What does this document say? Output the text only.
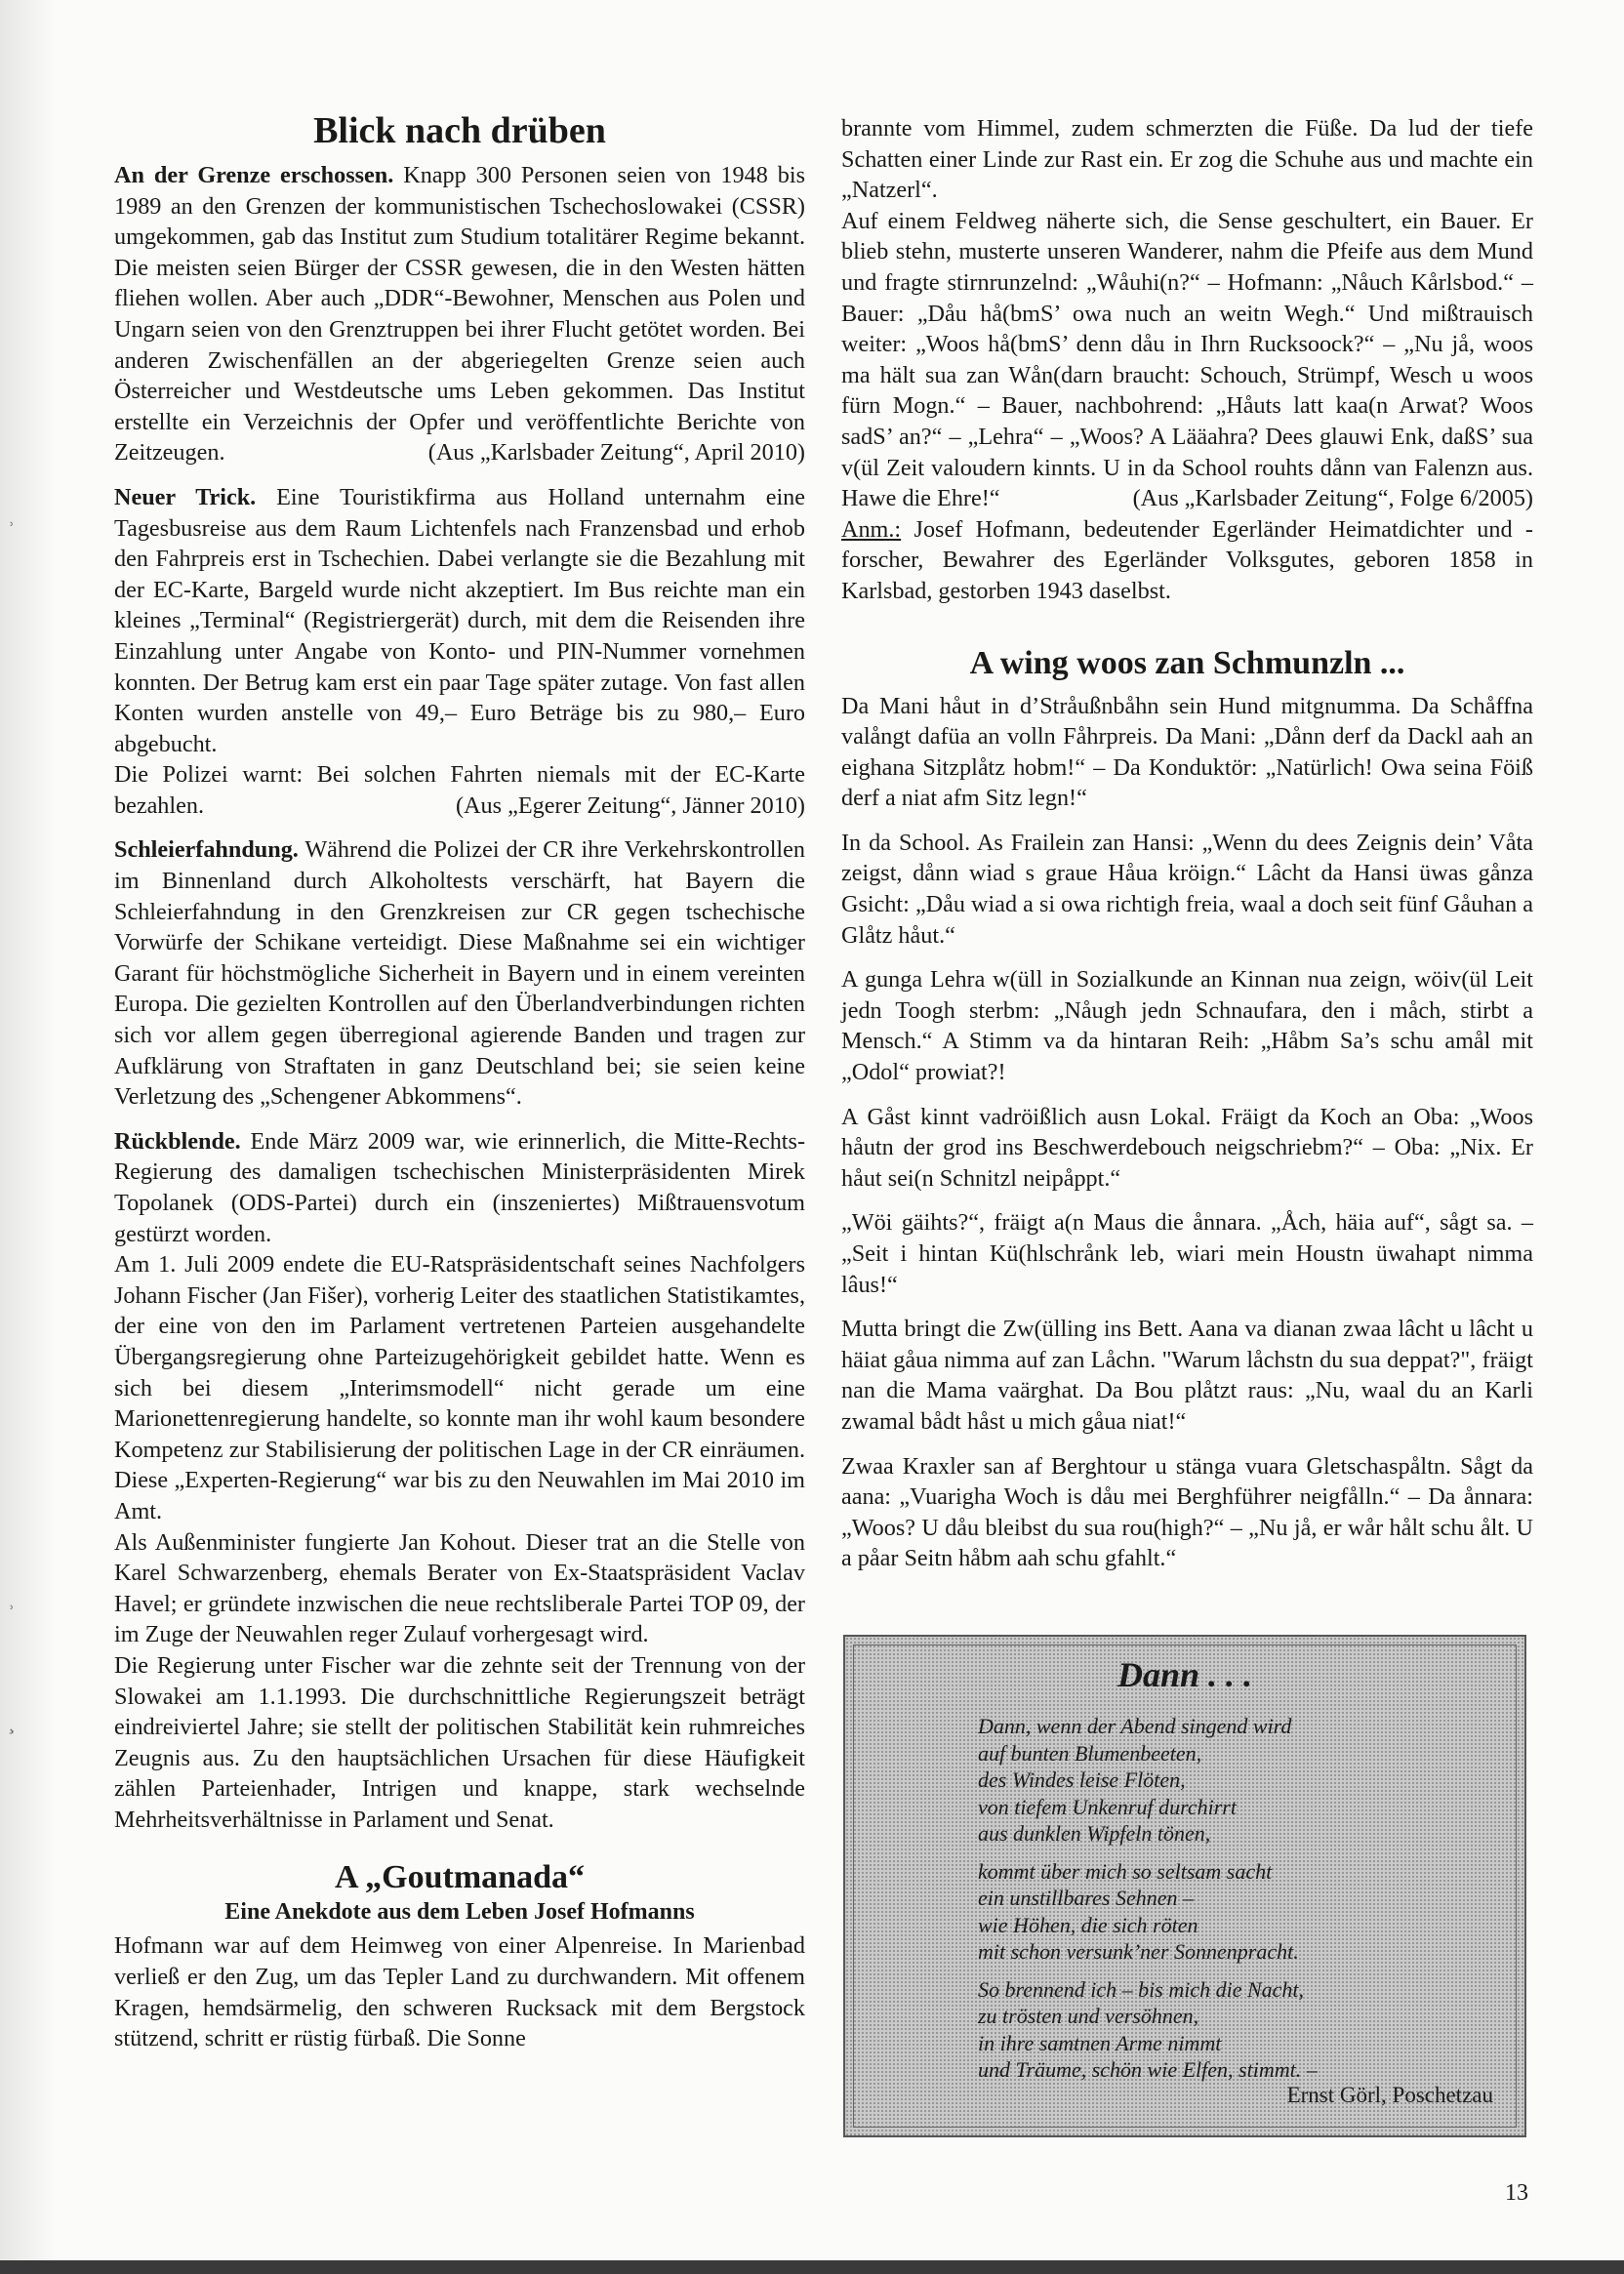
˒
˒
¸
Blick nach drüben

An der Grenze erschossen. Knapp 300 Personen seien von 1948 bis 1989 an den Grenzen der kommunistischen Tschechoslowakei (CSSR) umgekommen, gab das Institut zum Studium totalitärer Regime bekannt. Die meisten seien Bürger der CSSR gewesen, die in den Westen hätten fliehen wollen. Aber auch „DDR“-Bewohner, Menschen aus Polen und Ungarn seien von den Grenztruppen bei ihrer Flucht getötet worden. Bei anderen Zwischenfällen an der abgeriegelten Grenze seien auch Österreicher und Westdeutsche ums Leben gekommen. Das Institut erstellte ein Verzeichnis der Opfer und veröffentlichte Berichte von Zeitzeugen.	(Aus „Karlsbader Zeitung“, April 2010)

Neuer Trick. Eine Touristikfirma aus Holland unternahm eine Tagesbusreise aus dem Raum Lichtenfels nach Franzensbad und erhob den Fahrpreis erst in Tschechien. Dabei verlangte sie die Bezahlung mit der EC-Karte, Bargeld wurde nicht akzeptiert. Im Bus reichte man ein kleines „Terminal“ (Registriergerät) durch, mit dem die Reisenden ihre Einzahlung unter Angabe von Konto- und PIN-Nummer vornehmen konnten. Der Betrug kam erst ein paar Tage später zutage. Von fast allen Konten wurden anstelle von 49,– Euro Beträge bis zu 980,– Euro abgebucht.

Die Polizei warnt: Bei solchen Fahrten niemals mit der EC-Karte bezahlen.	(Aus „Egerer Zeitung“, Jänner 2010)

Schleierfahndung. Während die Polizei der CR ihre Verkehrskontrollen im Binnenland durch Alkoholtests verschärft, hat Bayern die Schleierfahndung in den Grenzkreisen zur CR gegen tschechische Vorwürfe der Schikane verteidigt. Diese Maßnahme sei ein wichtiger Garant für höchstmögliche Sicherheit in Bayern und in einem vereinten Europa. Die gezielten Kontrollen auf den Überlandverbindungen richten sich vor allem gegen überregional agierende Banden und tragen zur Aufklärung von Straftaten in ganz Deutschland bei; sie seien keine Verletzung des „Schengener Abkommens“.

Rückblende. Ende März 2009 war, wie erinnerlich, die Mitte-Rechts-Regierung des damaligen tschechischen Ministerpräsidenten Mirek Topolanek (ODS-Partei) durch ein (inszeniertes) Mißtrauensvotum gestürzt worden.

Am 1. Juli 2009 endete die EU-Ratspräsidentschaft seines Nachfolgers Johann Fischer (Jan Fišer), vorherig Leiter des staatlichen Statistikamtes, der eine von den im Parlament vertretenen Parteien ausgehandelte Übergangsregierung ohne Parteizugehörigkeit gebildet hatte. Wenn es sich bei diesem „Interimsmodell“ nicht gerade um eine Marionettenregierung handelte, so konnte man ihr wohl kaum besondere Kompetenz zur Stabilisierung der politischen Lage in der CR einräumen. Diese „Experten-Regierung“ war bis zu den Neuwahlen im Mai 2010 im Amt.

Als Außenminister fungierte Jan Kohout. Dieser trat an die Stelle von Karel Schwarzenberg, ehemals Berater von Ex-Staatspräsident Vaclav Havel; er gründete inzwischen die neue rechtsliberale Partei TOP 09, der im Zuge der Neuwahlen reger Zulauf vorhergesagt wird.

Die Regierung unter Fischer war die zehnte seit der Trennung von der Slowakei am 1.1.1993. Die durchschnittliche Regierungszeit beträgt eindreiviertel Jahre; sie stellt der politischen Stabilität kein ruhmreiches Zeugnis aus. Zu den hauptsächlichen Ursachen für diese Häufigkeit zählen Parteienhader, Intrigen und knappe, stark wechselnde Mehrheitsverhältnisse in Parlament und Senat.

A „Goutmanada“
Eine Anekdote aus dem Leben Josef Hofmanns

Hofmann war auf dem Heimweg von einer Alpenreise. In Marienbad verließ er den Zug, um das Tepler Land zu durchwandern. Mit offenem Kragen, hemdsärmelig, den schweren Rucksack mit dem Bergstock stützend, schritt er rüstig fürbaß. Die Sonne

brannte vom Himmel, zudem schmerzten die Füße. Da lud der tiefe Schatten einer Linde zur Rast ein. Er zog die Schuhe aus und machte ein „Natzerl“.

Auf einem Feldweg näherte sich, die Sense geschultert, ein Bauer. Er blieb stehn, musterte unseren Wanderer, nahm die Pfeife aus dem Mund und fragte stirnrunzelnd: „Wåuhi(n?“ – Hofmann: „Nåuch Kårlsbod.“ – Bauer: „Dåu hå(bmS’ owa nuch an weitn Wegh.“ Und mißtrauisch weiter: „Woos hå(bmS’ denn dåu in Ihrn Rucksoock?“ – „Nu jå, woos ma hält sua zan Wån(darn braucht: Schouch, Strümpf, Wesch u woos fürn Mogn.“ – Bauer, nachbohrend: „Håuts latt kaa(n Arwat? Woos sadS’ an?“ – „Lehra“ – „Woos? A Lääahra? Dees glauwi Enk, daßS’ sua v(ül Zeit valoudern kinnts. U in da School rouhts dånn van Falenzn aus. Hawe die Ehre!“	(Aus „Karlsbader Zeitung“, Folge 6/2005)

Anm.: Josef Hofmann, bedeutender Egerländer Heimatdichter und -forscher, Bewahrer des Egerländer Volksgutes, geboren 1858 in Karlsbad, gestorben 1943 daselbst.

A wing woos zan Schmunzln ...

Da Mani håut in d’Stråußnbåhn sein Hund mitgnumma. Da Schåffna valångt dafüa an volln Fåhrpreis. Da Mani: „Dånn derf da Dackl aah an eighana Sitzplåtz hobm!“ – Da Konduktör: „Natürlich! Owa seina Föiß derf a niat afm Sitz legn!“

In da School. As Frailein zan Hansi: „Wenn du dees Zeignis dein’ Våta zeigst, dånn wiad s graue Håua kröign.“ Lâcht da Hansi üwas gånza Gsicht: „Dåu wiad a si owa richtigh freia, waal a doch seit fünf Gåuhan a Glåtz håut.“

A gunga Lehra w(üll in Sozialkunde an Kinnan nua zeign, wöiv(ül Leit jedn Toogh sterbm: „Nåugh jedn Schnaufara, den i måch, stirbt a Mensch.“ A Stimm va da hintaran Reih: „Håbm Sa’s schu amål mit „Odol“ prowiat?!

A Gåst kinnt vadröißlich ausn Lokal. Fräigt da Koch an Oba: „Woos håutn der grod ins Beschwerdebouch neigschriebm?“ – Oba: „Nix. Er håut sei(n Schnitzl neipåppt.“

„Wöi gäihts?“, fräigt a(n Maus die ånnara. „Åch, häia auf“, sågt sa. – „Seit i hintan Kü(hlschrånk leb, wiari mein Houstn üwahapt nimma lâus!“

Mutta bringt die Zw(ülling ins Bett. Aana va dianan zwaa lâcht u lâcht u häiat gåua nimma auf zan Låchn. "Warum låchstn du sua deppat?", fräigt nan die Mama vaärghat. Da Bou plåtzt raus: „Nu, waal du an Karli zwamal bådt håst u mich gåua niat!“

Zwaa Kraxler san af Berghtour u stänga vuara Gletschaspåltn. Sågt da aana: „Vuarigha Woch is dåu mei Berghführer neigfålln.“ – Da ånnara: „Woos? U dåu bleibst du sua rou(high?“ – „Nu jå, er wår hålt schu ålt. U a påar Seitn håbm aah schu gfahlt.“

Dann . . .
Dann, wenn der Abend singend wird
auf bunten Blumenbeeten,
des Windes leise Flöten,
von tiefem Unkenruf durchirrt
aus dunklen Wipfeln tönen,
kommt über mich so seltsam sacht
ein unstillbares Sehnen –
wie Höhen, die sich röten
mit schon versunk’ner Sonnenpracht.
So brennend ich – bis mich die Nacht,
zu trösten und versöhnen,
in ihre samtnen Arme nimmt
und Träume, schön wie Elfen, stimmt. –
Ernst Görl, Poschetzau
13
